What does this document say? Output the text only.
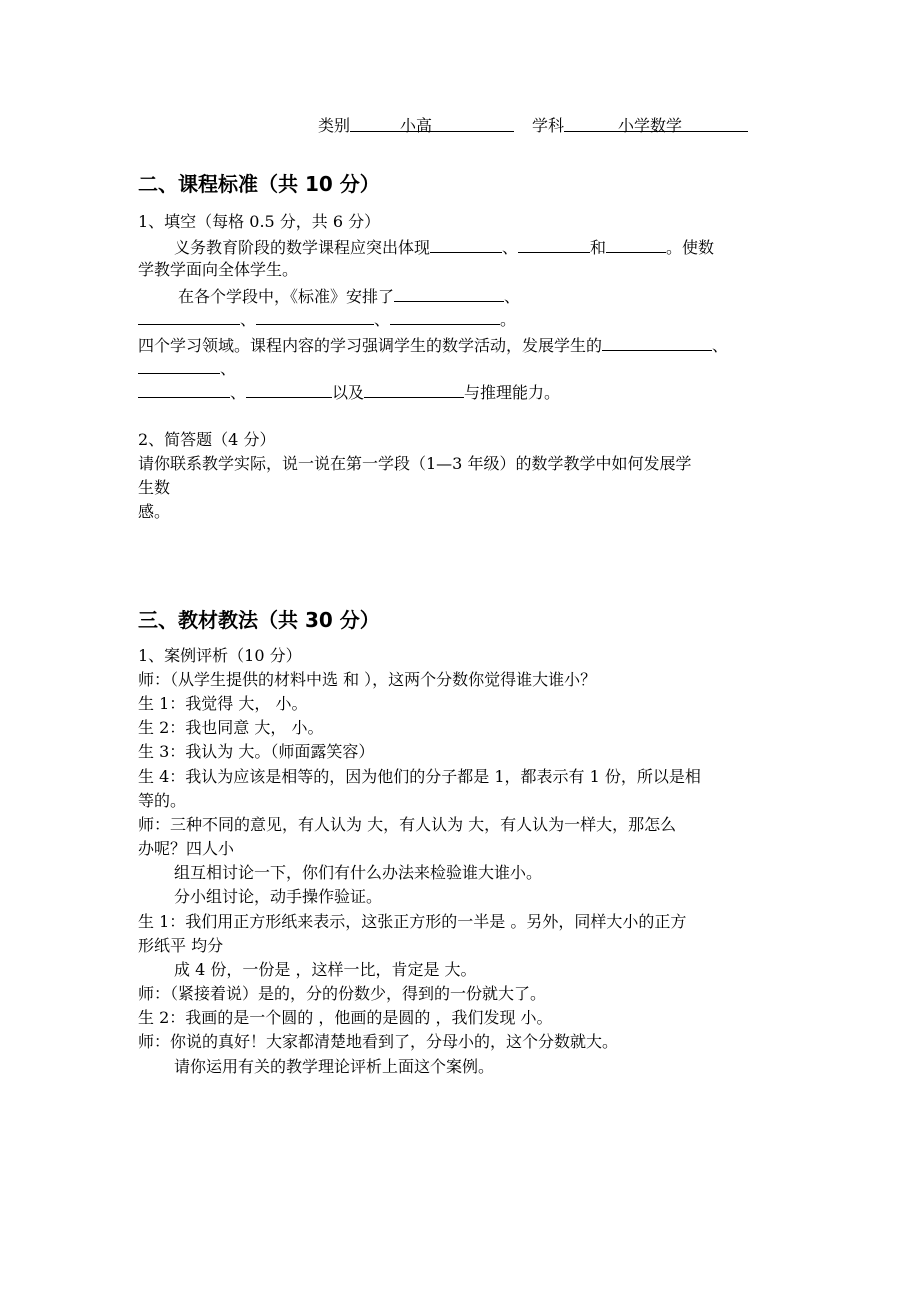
类别	小高	学科	小学数学
二、课程标准（共 10 分）
1、填空（每格 0.5 分，共 6 分）
义务教育阶段的数学课程应突出体现	、	和	。使数
学教学面向全体学生。
在各个学段中，《标准》安排了	、
、	、	。
四个学习领域。课程内容的学习强调学生的数学活动，发展学生的	、
、
、	以及	与推理能力。
2、简答题（4 分）
请你联系教学实际，说一说在第一学段（1—3 年级）的数学教学中如何发展学
生数
感。
三、教材教法（共 30 分）
1、案例评析（10 分）
师：（从学生提供的材料中选 和 ），这两个分数你觉得谁大谁小？
生 1：我觉得 大， 小。
生 2：我也同意 大， 小。
生 3：我认为 大。（师面露笑容）
生 4：我认为应该是相等的，因为他们的分子都是 1，都表示有 1 份，所以是相
等的。
师：三种不同的意见，有人认为 大，有人认为 大，有人认为一样大，那怎么
办呢？四人小
组互相讨论一下，你们有什么办法来检验谁大谁小。
分小组讨论，动手操作验证。
生 1：我们用正方形纸来表示，这张正方形的一半是 。另外，同样大小的正方
形纸平 均分
成 4 份，一份是 ，这样一比，肯定是 大。
师：（紧接着说）是的，分的份数少，得到的一份就大了。
生 2：我画的是一个圆的 ，他画的是圆的 ，我们发现 小。
师：你说的真好！大家都清楚地看到了，分母小的，这个分数就大。
请你运用有关的教学理论评析上面这个案例。
